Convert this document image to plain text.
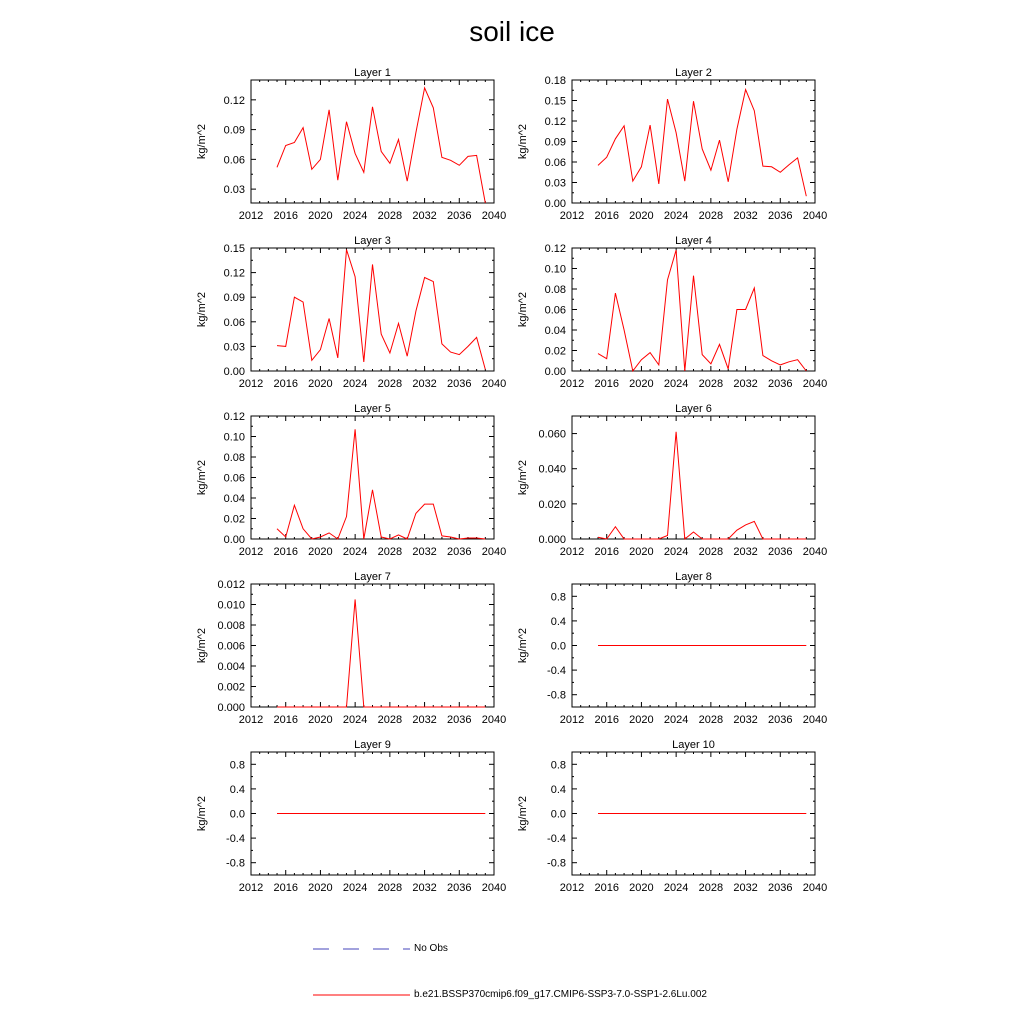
soil ice
Layer 1
kg/m^2
2012 2016 2020 2024 2028 2032 2036 2040
0.03
0.06
0.09
0.12
Layer 2
kg/m^2
2012 2016 2020 2024 2028 2032 2036 2040
0.00
0.03
0.06
0.09
0.12
0.15
0.18
Layer 3
kg/m^2
2012 2016 2020 2024 2028 2032 2036 2040
0.00
0.03
0.06
0.09
0.12
0.15
Layer 4
kg/m^2
2012 2016 2020 2024 2028 2032 2036 2040
0.00
0.02
0.04
0.06
0.08
0.10
0.12
Layer 5
kg/m^2
2012 2016 2020 2024 2028 2032 2036 2040
0.00
0.02
0.04
0.06
0.08
0.10
0.12
Layer 6
kg/m^2
2012 2016 2020 2024 2028 2032 2036 2040
0.000
0.020
0.040
0.060
Layer 7
kg/m^2
2012 2016 2020 2024 2028 2032 2036 2040
0.000
0.002
0.004
0.006
0.008
0.010
0.012
Layer 8
kg/m^2
2012 2016 2020 2024 2028 2032 2036 2040
-0.8
-0.4
0.0
0.4
0.8
Layer 9
kg/m^2
2012 2016 2020 2024 2028 2032 2036 2040
-0.8
-0.4
0.0
0.4
0.8
Layer 10
kg/m^2
2012 2016 2020 2024 2028 2032 2036 2040
-0.8
-0.4
0.0
0.4
0.8
No Obs
b.e21.BSSP370cmip6.f09_g17.CMIP6-SSP3-7.0-SSP1-2.6Lu.002
